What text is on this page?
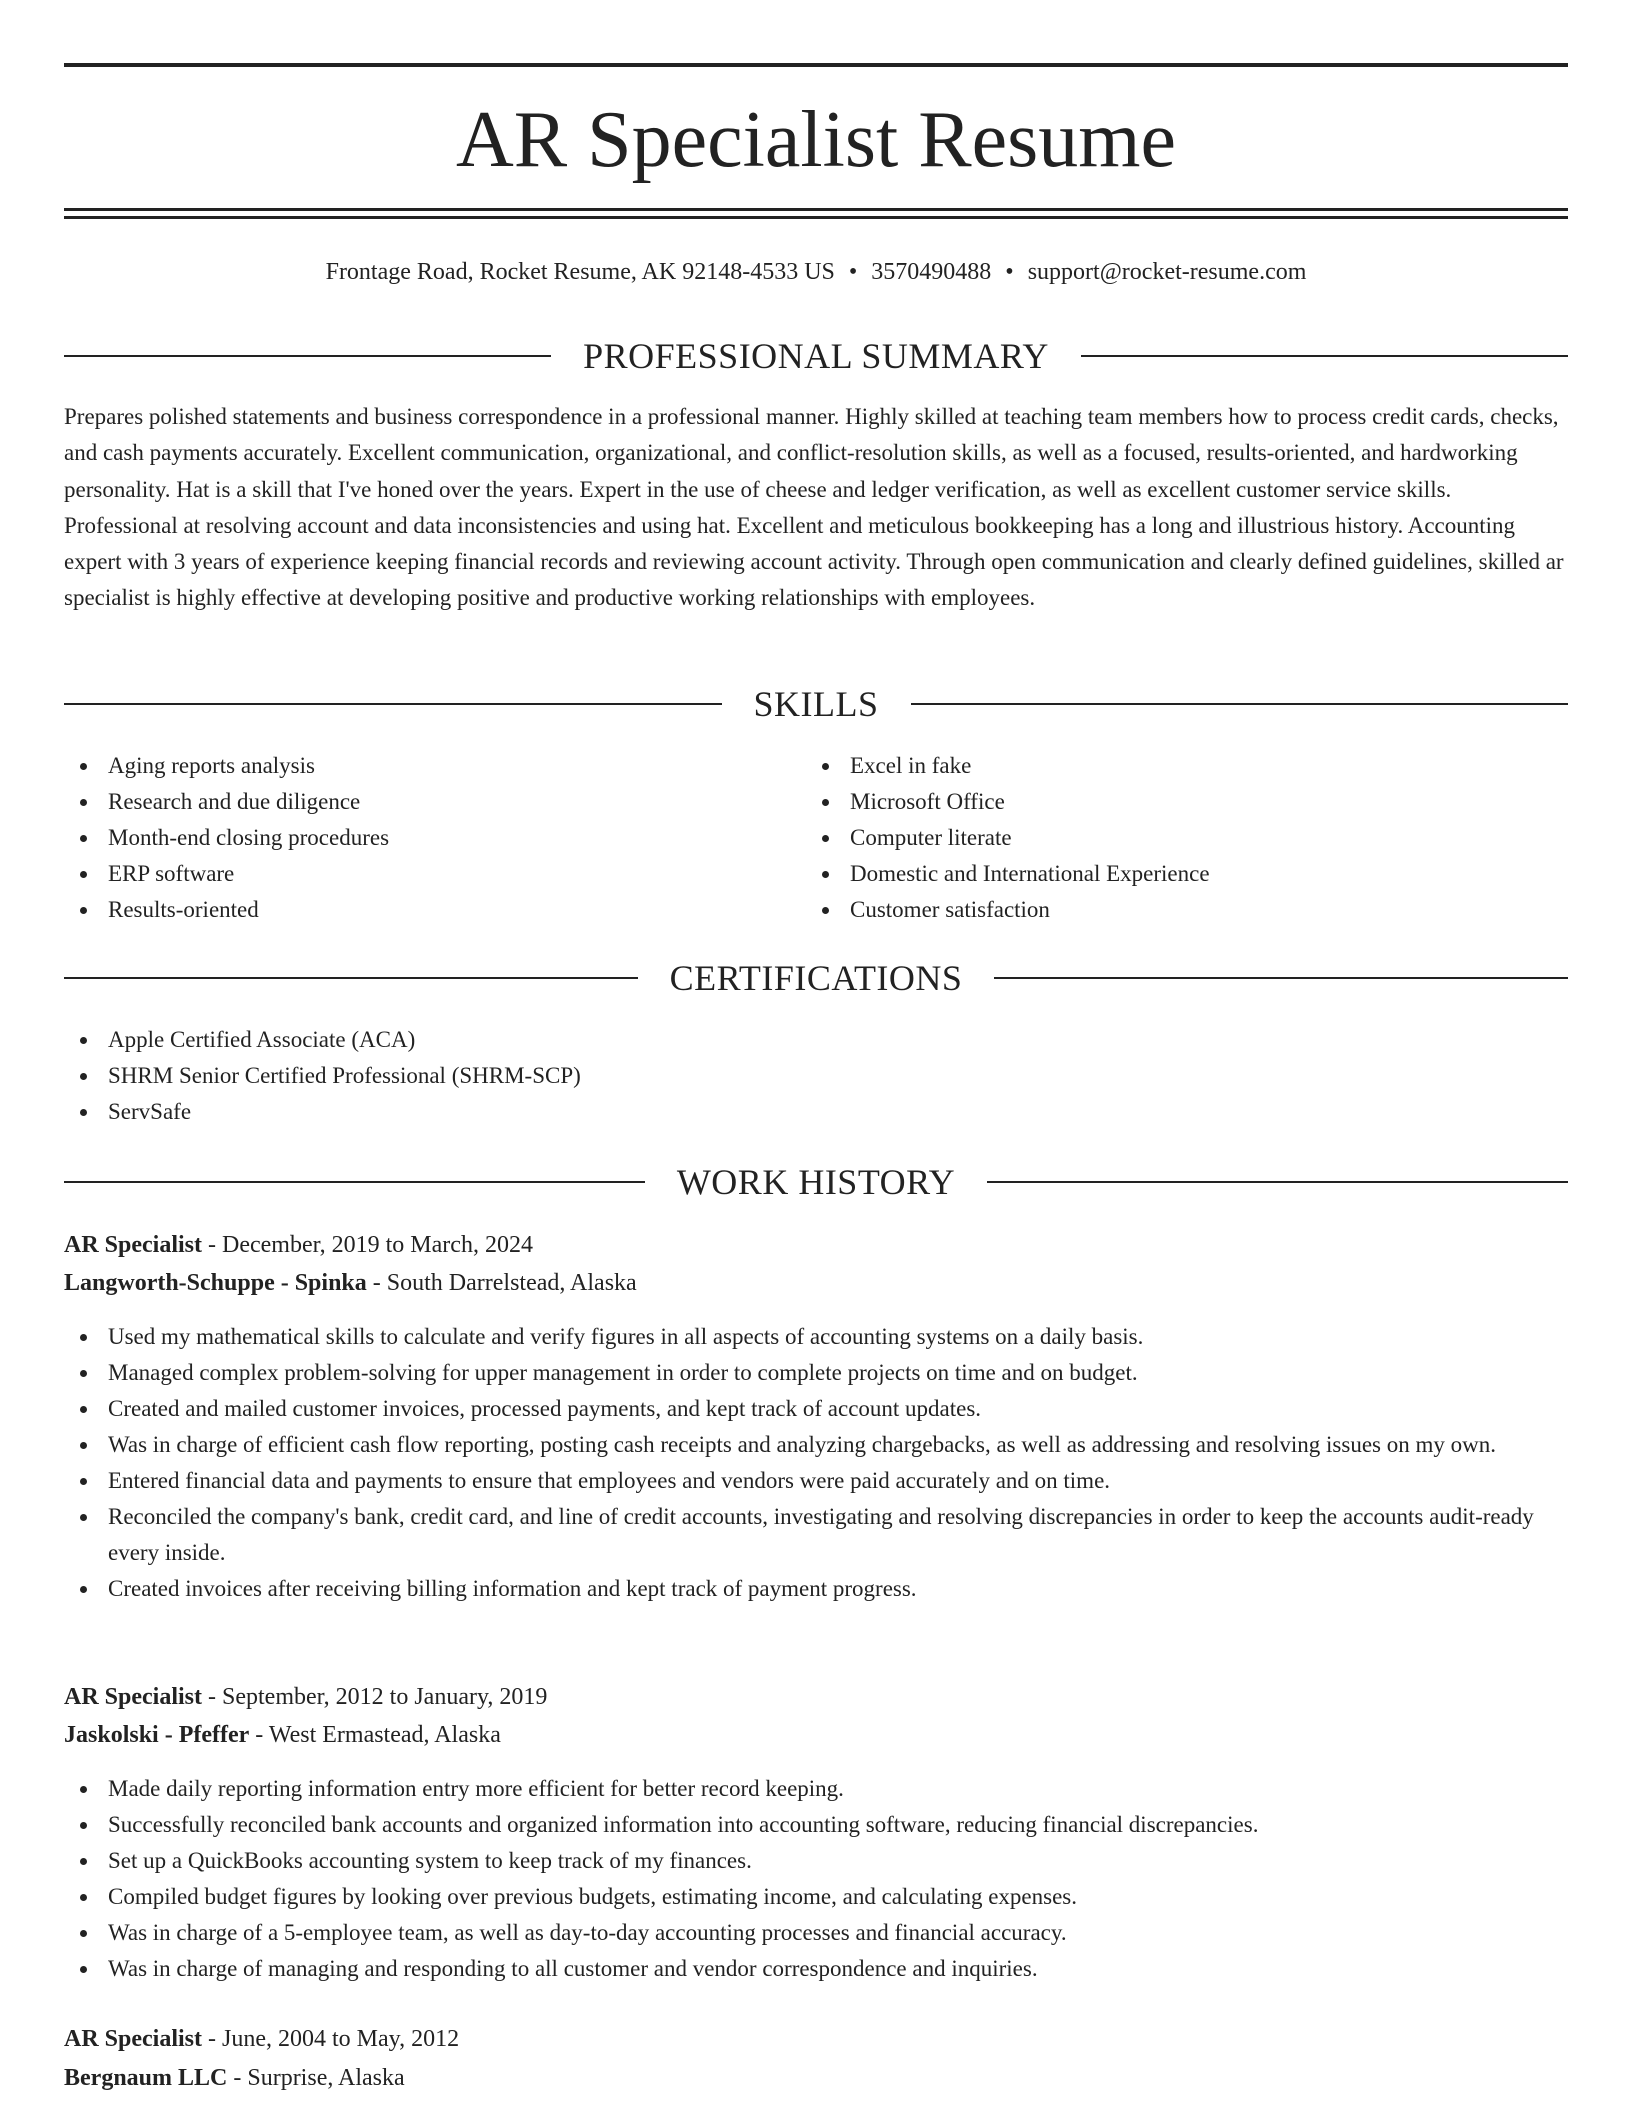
AR Specialist Resume
Frontage Road, Rocket Resume, AK 92148-4533 US • 3570490488 • support@rocket-resume.com
PROFESSIONAL SUMMARY

Prepares polished statements and business correspondence in a professional manner. Highly skilled at teaching team members how to process credit cards, checks, and cash payments accurately. Excellent communication, organizational, and conflict-resolution skills, as well as a focused, results-oriented, and hardworking personality. Hat is a skill that I've honed over the years. Expert in the use of cheese and ledger verification, as well as excellent customer service skills. Professional at resolving account and data inconsistencies and using hat. Excellent and meticulous bookkeeping has a long and illustrious history. Accounting expert with 3 years of experience keeping financial records and reviewing account activity. Through open communication and clearly defined guidelines, skilled ar specialist is highly effective at developing positive and productive working relationships with employees.

SKILLS
Aging reports analysis
Research and due diligence
Month-end closing procedures
ERP software
Results-oriented
Excel in fake
Microsoft Office
Computer literate
Domestic and International Experience
Customer satisfaction
CERTIFICATIONS
Apple Certified Associate (ACA)
SHRM Senior Certified Professional (SHRM-SCP)
ServSafe
WORK HISTORY
AR Specialist - December, 2019 to March, 2024
Langworth-Schuppe - Spinka - South Darrelstead, Alaska
Used my mathematical skills to calculate and verify figures in all aspects of accounting systems on a daily basis.
Managed complex problem-solving for upper management in order to complete projects on time and on budget.
Created and mailed customer invoices, processed payments, and kept track of account updates.
Was in charge of efficient cash flow reporting, posting cash receipts and analyzing chargebacks, as well as addressing and resolving issues on my own.
Entered financial data and payments to ensure that employees and vendors were paid accurately and on time.
Reconciled the company's bank, credit card, and line of credit accounts, investigating and resolving discrepancies in order to keep the accounts audit-ready every inside.
Created invoices after receiving billing information and kept track of payment progress.
AR Specialist - September, 2012 to January, 2019
Jaskolski - Pfeffer - West Ermastead, Alaska
Made daily reporting information entry more efficient for better record keeping.
Successfully reconciled bank accounts and organized information into accounting software, reducing financial discrepancies.
Set up a QuickBooks accounting system to keep track of my finances.
Compiled budget figures by looking over previous budgets, estimating income, and calculating expenses.
Was in charge of a 5-employee team, as well as day-to-day accounting processes and financial accuracy.
Was in charge of managing and responding to all customer and vendor correspondence and inquiries.
AR Specialist - June, 2004 to May, 2012
Bergnaum LLC - Surprise, Alaska
